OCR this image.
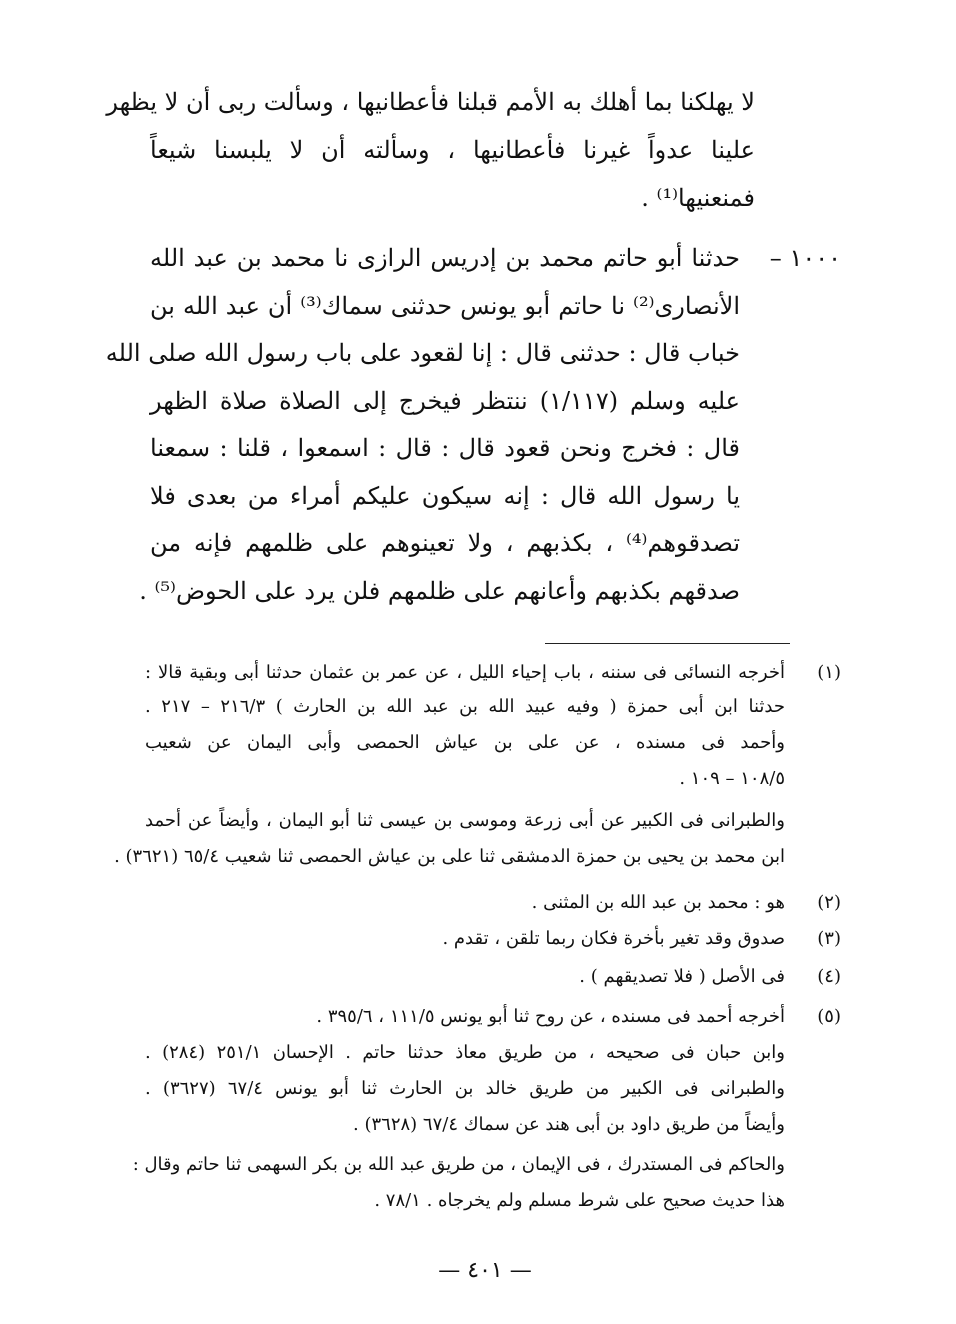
لا يهلكنا بما أهلك به الأمم قبلنا فأعطانيها ، وسألت ربى أن لا يظهر
علينا عدواً غيرنا فأعطانيها ، وسألته أن لا يلبسنا شيعاً
فمنعنيها⁽¹⁾ .
١٠٠٠ –
حدثنا أبو حاتم محمد بن إدريس الرازى نا محمد بن عبد الله
الأنصارى⁽²⁾ نا حاتم أبو يونس حدثنى سماك⁽³⁾ أن عبد الله بن
خباب قال : حدثنى قال : إنا لقعود على باب رسول الله صلى الله
عليه وسلم (١/١١٧) ننتظر فيخرج إلى الصلاة صلاة الظهر
قال : فخرج ونحن قعود قال : قال : اسمعوا ، قلنا : سمعنا
يا رسول الله قال : إنه سيكون عليكم أمراء من بعدى فلا
تصدقوهم⁽⁴⁾ ، بكذبهم ، ولا تعينوهم على ظلمهم فإنه من
صدقهم بكذبهم وأعانهم على ظلمهم فلن يرد على الحوض⁽⁵⁾ .
(١)
أخرجه النسائى فى سننه ، باب إحياء الليل ، عن عمر بن عثمان حدثنا أبى وبقية قالا :
حدثنا ابن أبى حمزة ( وفيه عبيد الله بن عبد الله بن الحارث ) ٢١٦/٣ – ٢١٧ .
وأحمد فى مسنده ، عن على بن عياش الحمصى وأبى اليمان عن شعيب
١٠٨/٥ – ١٠٩ .
والطبرانى فى الكبير عن أبى زرعة وموسى بن عيسى ثنا أبو اليمان ، وأيضاً عن أحمد
ابن محمد بن يحيى بن حمزة الدمشقى ثنا على بن عياش الحمصى ثنا شعيب ٦٥/٤ (٣٦٢١) .
(٢)
هو : محمد بن عبد الله بن المثنى .
(٣)
صدوق وقد تغير بأخرة فكان ربما تلقن ، تقدم .
(٤)
فى الأصل ( فلا تصديقهم ) .
(٥)
أخرجه أحمد فى مسنده ، عن روح ثنا أبو يونس ١١١/٥ ، ٣٩٥/٦ .
وابن حبان فى صحيحه ، من طريق معاذ حدثنا حاتم . الإحسان ٢٥١/١ (٢٨٤) .
والطبرانى فى الكبير من طريق خالد بن الحارث ثنا أبو يونس ٦٧/٤ (٣٦٢٧) .
وأيضاً من طريق داود بن أبى هند عن سماك ٦٧/٤ (٣٦٢٨) .
والحاكم فى المستدرك ، فى الإيمان ، من طريق عبد الله بن بكر السهمى ثنا حاتم وقال :
هذا حديث صحيح على شرط مسلم ولم يخرجاه . ٧٨/١ .
— ٤٠١ —
